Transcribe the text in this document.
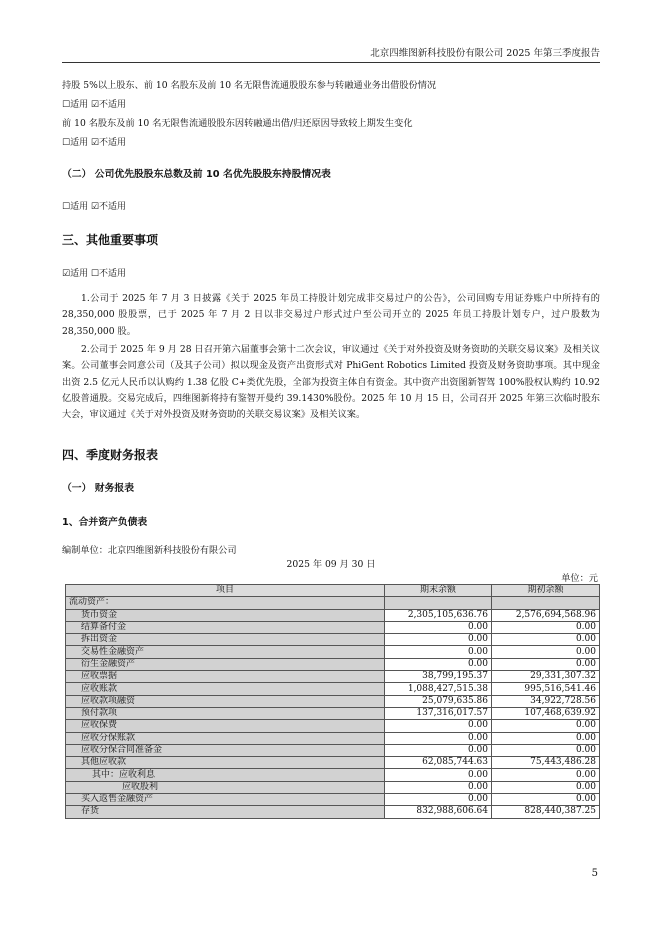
北京四维图新科技股份有限公司 2025 年第三季度报告
持股 5%以上股东、前 10 名股东及前 10 名无限售流通股股东参与转融通业务出借股份情况
☐适用 ☑不适用
前 10 名股东及前 10 名无限售流通股股东因转融通出借/归还原因导致较上期发生变化
☐适用 ☑不适用
（二） 公司优先股股东总数及前 10 名优先股股东持股情况表
☐适用 ☑不适用
三、其他重要事项
☑适用 ☐不适用

1.公司于 2025 年 7 月 3 日披露《关于 2025 年员工持股计划完成非交易过户的公告》，公司回购专用证券账户中所持有的 28,350,000 股股票，已于 2025 年 7 月 2 日以非交易过户形式过户至公司开立的 2025 年员工持股计划专户，过户股数为 28,350,000 股。

2.公司于 2025 年 9 月 28 日召开第六届董事会第十二次会议，审议通过《关于对外投资及财务资助的关联交易议案》及相关议案。公司董事会同意公司（及其子公司）拟以现金及资产出资形式对 PhiGent Robotics Limited 投资及财务资助事项。其中现金出资 2.5 亿元人民币以认购约 1.38 亿股 C+类优先股，全部为投资主体自有资金。其中资产出资图新智驾 100%股权认购约 10.92 亿股普通股。交易完成后，四维图新将持有鉴智开曼约 39.1430%股份。2025 年 10 月 15 日，公司召开 2025 年第三次临时股东大会，审议通过《关于对外投资及财务资助的关联交易议案》及相关议案。

四、季度财务报表
（一） 财务报表
1、合并资产负债表
编制单位：北京四维图新科技股份有限公司
2025 年 09 月 30 日
单位：元
项目	期末余额	期初余额
流动资产：		
货币资金	2,305,105,636.76	2,576,694,568.96
结算备付金	0.00	0.00
拆出资金	0.00	0.00
交易性金融资产	0.00	0.00
衍生金融资产	0.00	0.00
应收票据	38,799,195.37	29,331,307.32
应收账款	1,088,427,515.38	995,516,541.46
应收款项融资	25,079,635.86	34,922,728.56
预付款项	137,316,017.57	107,468,639.92
应收保费	0.00	0.00
应收分保账款	0.00	0.00
应收分保合同准备金	0.00	0.00
其他应收款	62,085,744.63	75,443,486.28
其中：应收利息	0.00	0.00
应收股利	0.00	0.00
买入返售金融资产	0.00	0.00
存货	832,988,606.64	828,440,387.25
5
